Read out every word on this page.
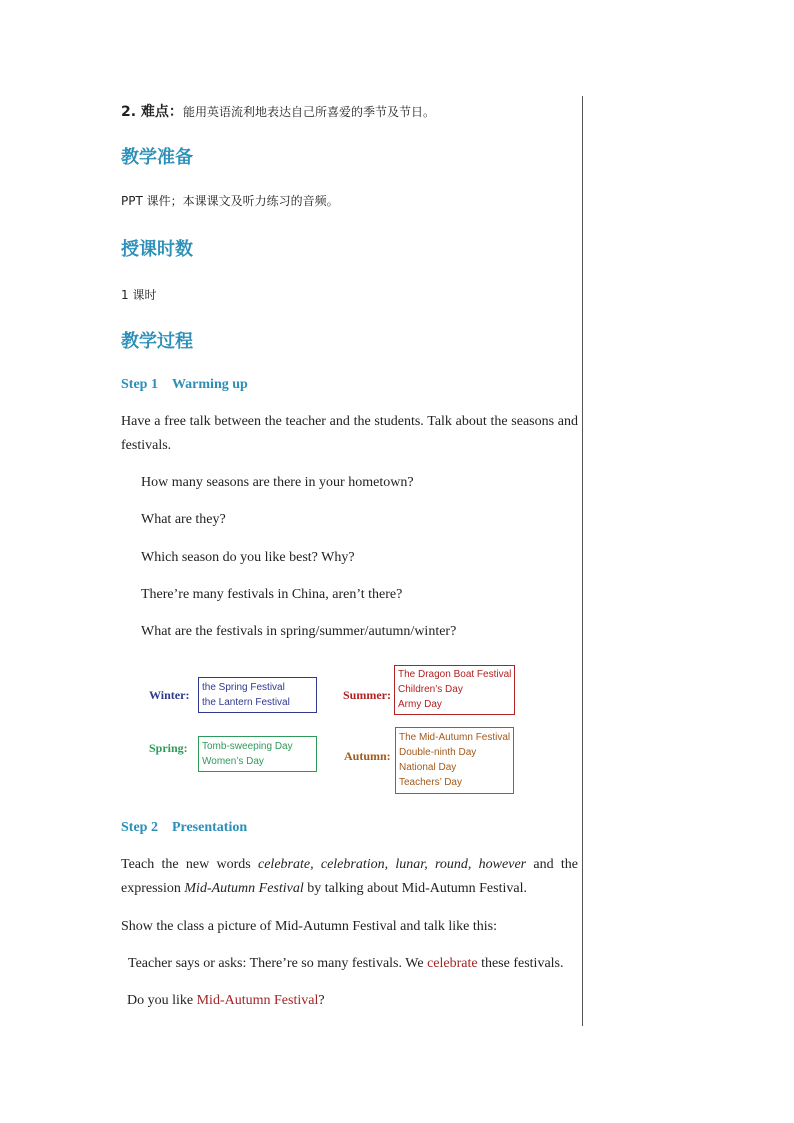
2. 难点：能用英语流利地表达自己所喜爱的季节及节日。
教学准备
PPT 课件；本课课文及听力练习的音频。
授课时数
1 课时
教学过程
Step 1 Warming up
Have a free talk between the teacher and the students. Talk about the seasons and festivals.
How many seasons are there in your hometown?
What are they?
Which season do you like best? Why?
There’re many festivals in China, aren’t there?
What are the festivals in spring/summer/autumn/winter?
Winter:
the Spring Festival
the Lantern Festival
Summer:
The Dragon Boat Festival
Children’s Day
Army Day
Spring: Tomb-sweeping Day
Women’s Day	Autumn:
The Mid-Autumn Festival
Double-ninth Day
National Day
Teachers’ Day
Step 2 Presentation
Teach the new words celebrate, celebration, lunar, round, however and the expression Mid-Autumn Festival by talking about Mid-Autumn Festival.
Show the class a picture of Mid-Autumn Festival and talk like this:
Teacher says or asks: There’re so many festivals. We celebrate these festivals.
Do you like Mid-Autumn Festival?
